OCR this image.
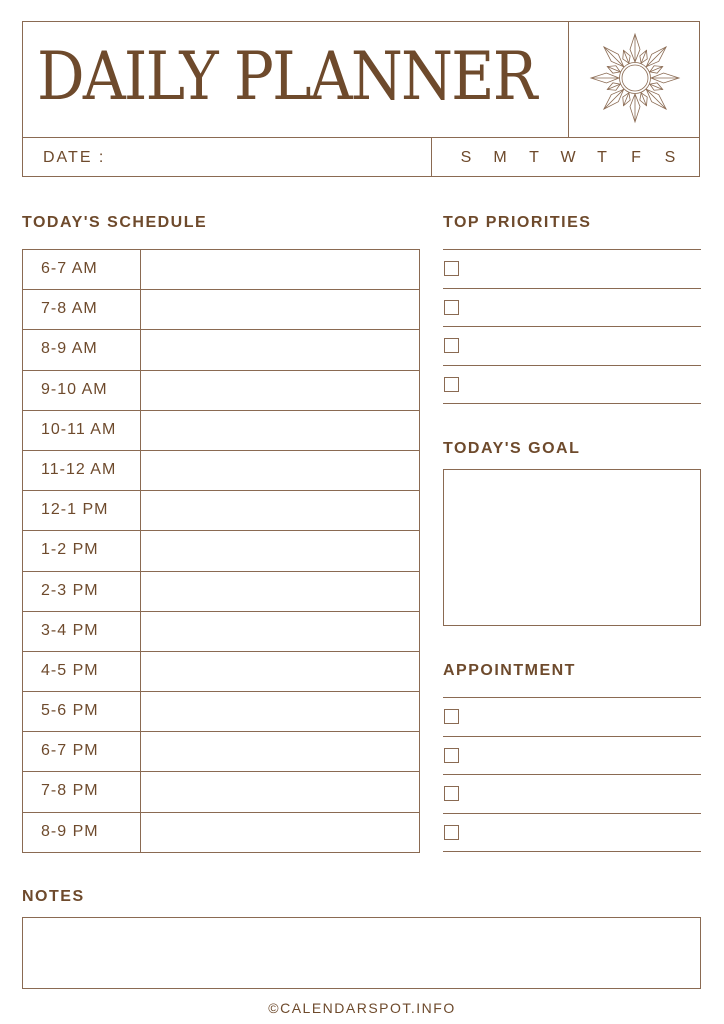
DAILY PLANNER
DATE :	S M	T	W	T	F	S
TODAY'S SCHEDULE
6-7 AM
7-8 AM
8-9 AM
9-10 AM
10-11 AM
11-12 AM
12-1 PM
1-2 PM
2-3 PM
3-4 PM
4-5 PM
5-6 PM
6-7 PM
7-8 PM
8-9 PM
TOP PRIORITIES
TODAY'S GOAL
APPOINTMENT
NOTES
©CALENDARSPOT.INFO
